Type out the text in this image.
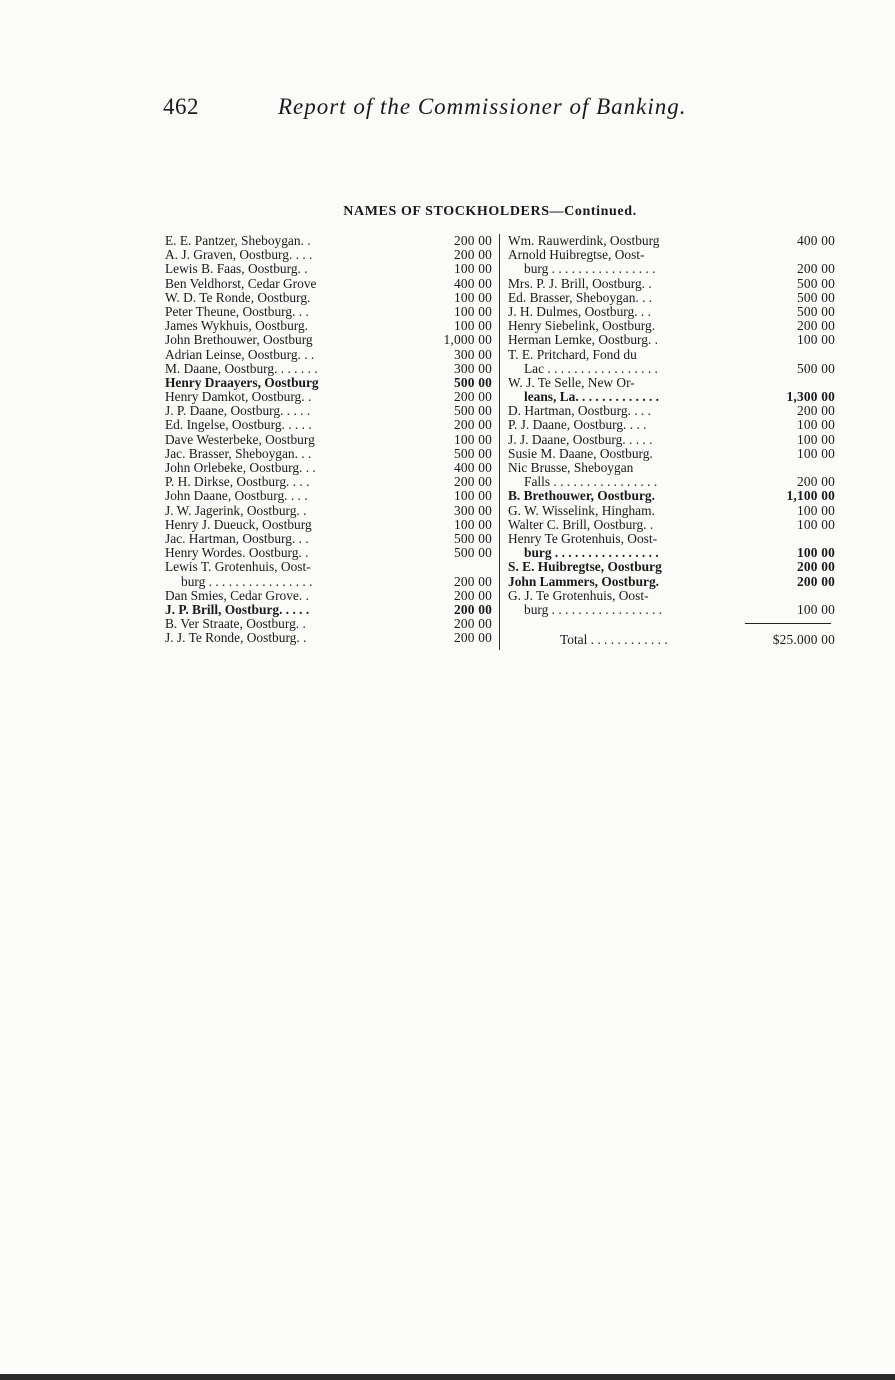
462	Report of the Commissioner of Banking.
NAMES OF STOCKHOLDERS—Continued.
E. E. Pantzer, Sheboygan. .	200 00
A. J. Graven, Oostburg. . . .	200 00
Lewis B. Faas, Oostburg. .	100 00
Ben Veldhorst, Cedar Grove	400 00
W. D. Te Ronde, Oostburg.	100 00
Peter Theune, Oostburg. . .	100 00
James Wykhuis, Oostburg.	100 00
John Brethouwer, Oostburg	1,000 00
Adrian Leinse, Oostburg. . .	300 00
M. Daane, Oostburg. . . . . . .	300 00
Henry Draayers, Oostburg	500 00
Henry Damkot, Oostburg. .	200 00
J. P. Daane, Oostburg. . . . .	500 00
Ed. Ingelse, Oostburg. . . . .	200 00
Dave Westerbeke, Oostburg	100 00
Jac. Brasser, Sheboygan. . .	500 00
John Orlebeke, Oostburg. . .	400 00
P. H. Dirkse, Oostburg. . . .	200 00
John Daane, Oostburg. . . .	100 00
J. W. Jagerink, Oostburg. .	300 00
Henry J. Dueuck, Oostburg	100 00
Jac. Hartman, Oostburg. . .	500 00
Henry Wordes. Oostburg. .	500 00
Lewis T. Grotenhuis, Oost-
burg . . . . . . . . . . . . . . . .	200 00
Dan Smies, Cedar Grove. .	200 00
J. P. Brill, Oostburg. . . . .	200 00
B. Ver Straate, Oostburg. .	200 00
J. J. Te Ronde, Oostburg. .	200 00
Wm. Rauwerdink, Oostburg	400 00
Arnold Huibregtse, Oost-
burg . . . . . . . . . . . . . . . .	200 00
Mrs. P. J. Brill, Oostburg. .	500 00
Ed. Brasser, Sheboygan. . .	500 00
J. H. Dulmes, Oostburg. . .	500 00
Henry Siebelink, Oostburg.	200 00
Herman Lemke, Oostburg. .	100 00
T. E. Pritchard, Fond du
Lac . . . . . . . . . . . . . . . . .	500 00
W. J. Te Selle, New Or-
leans, La. . . . . . . . . . . . .	1,300 00
D. Hartman, Oostburg. . . .	200 00
P. J. Daane, Oostburg. . . .	100 00
J. J. Daane, Oostburg. . . . .	100 00
Susie M. Daane, Oostburg.	100 00
Nic Brusse, Sheboygan
Falls . . . . . . . . . . . . . . . .	200 00
B. Brethouwer, Oostburg.	1,100 00
G. W. Wisselink, Hingham.	100 00
Walter C. Brill, Oostburg. .	100 00
Henry Te Grotenhuis, Oost-
burg . . . . . . . . . . . . . . . .	100 00
S. E. Huibregtse, Oostburg	200 00
John Lammers, Oostburg.	200 00
G. J. Te Grotenhuis, Oost-
burg . . . . . . . . . . . . . . . . .	100 00
Total . . . . . . . . . . . .	$25.000 00
